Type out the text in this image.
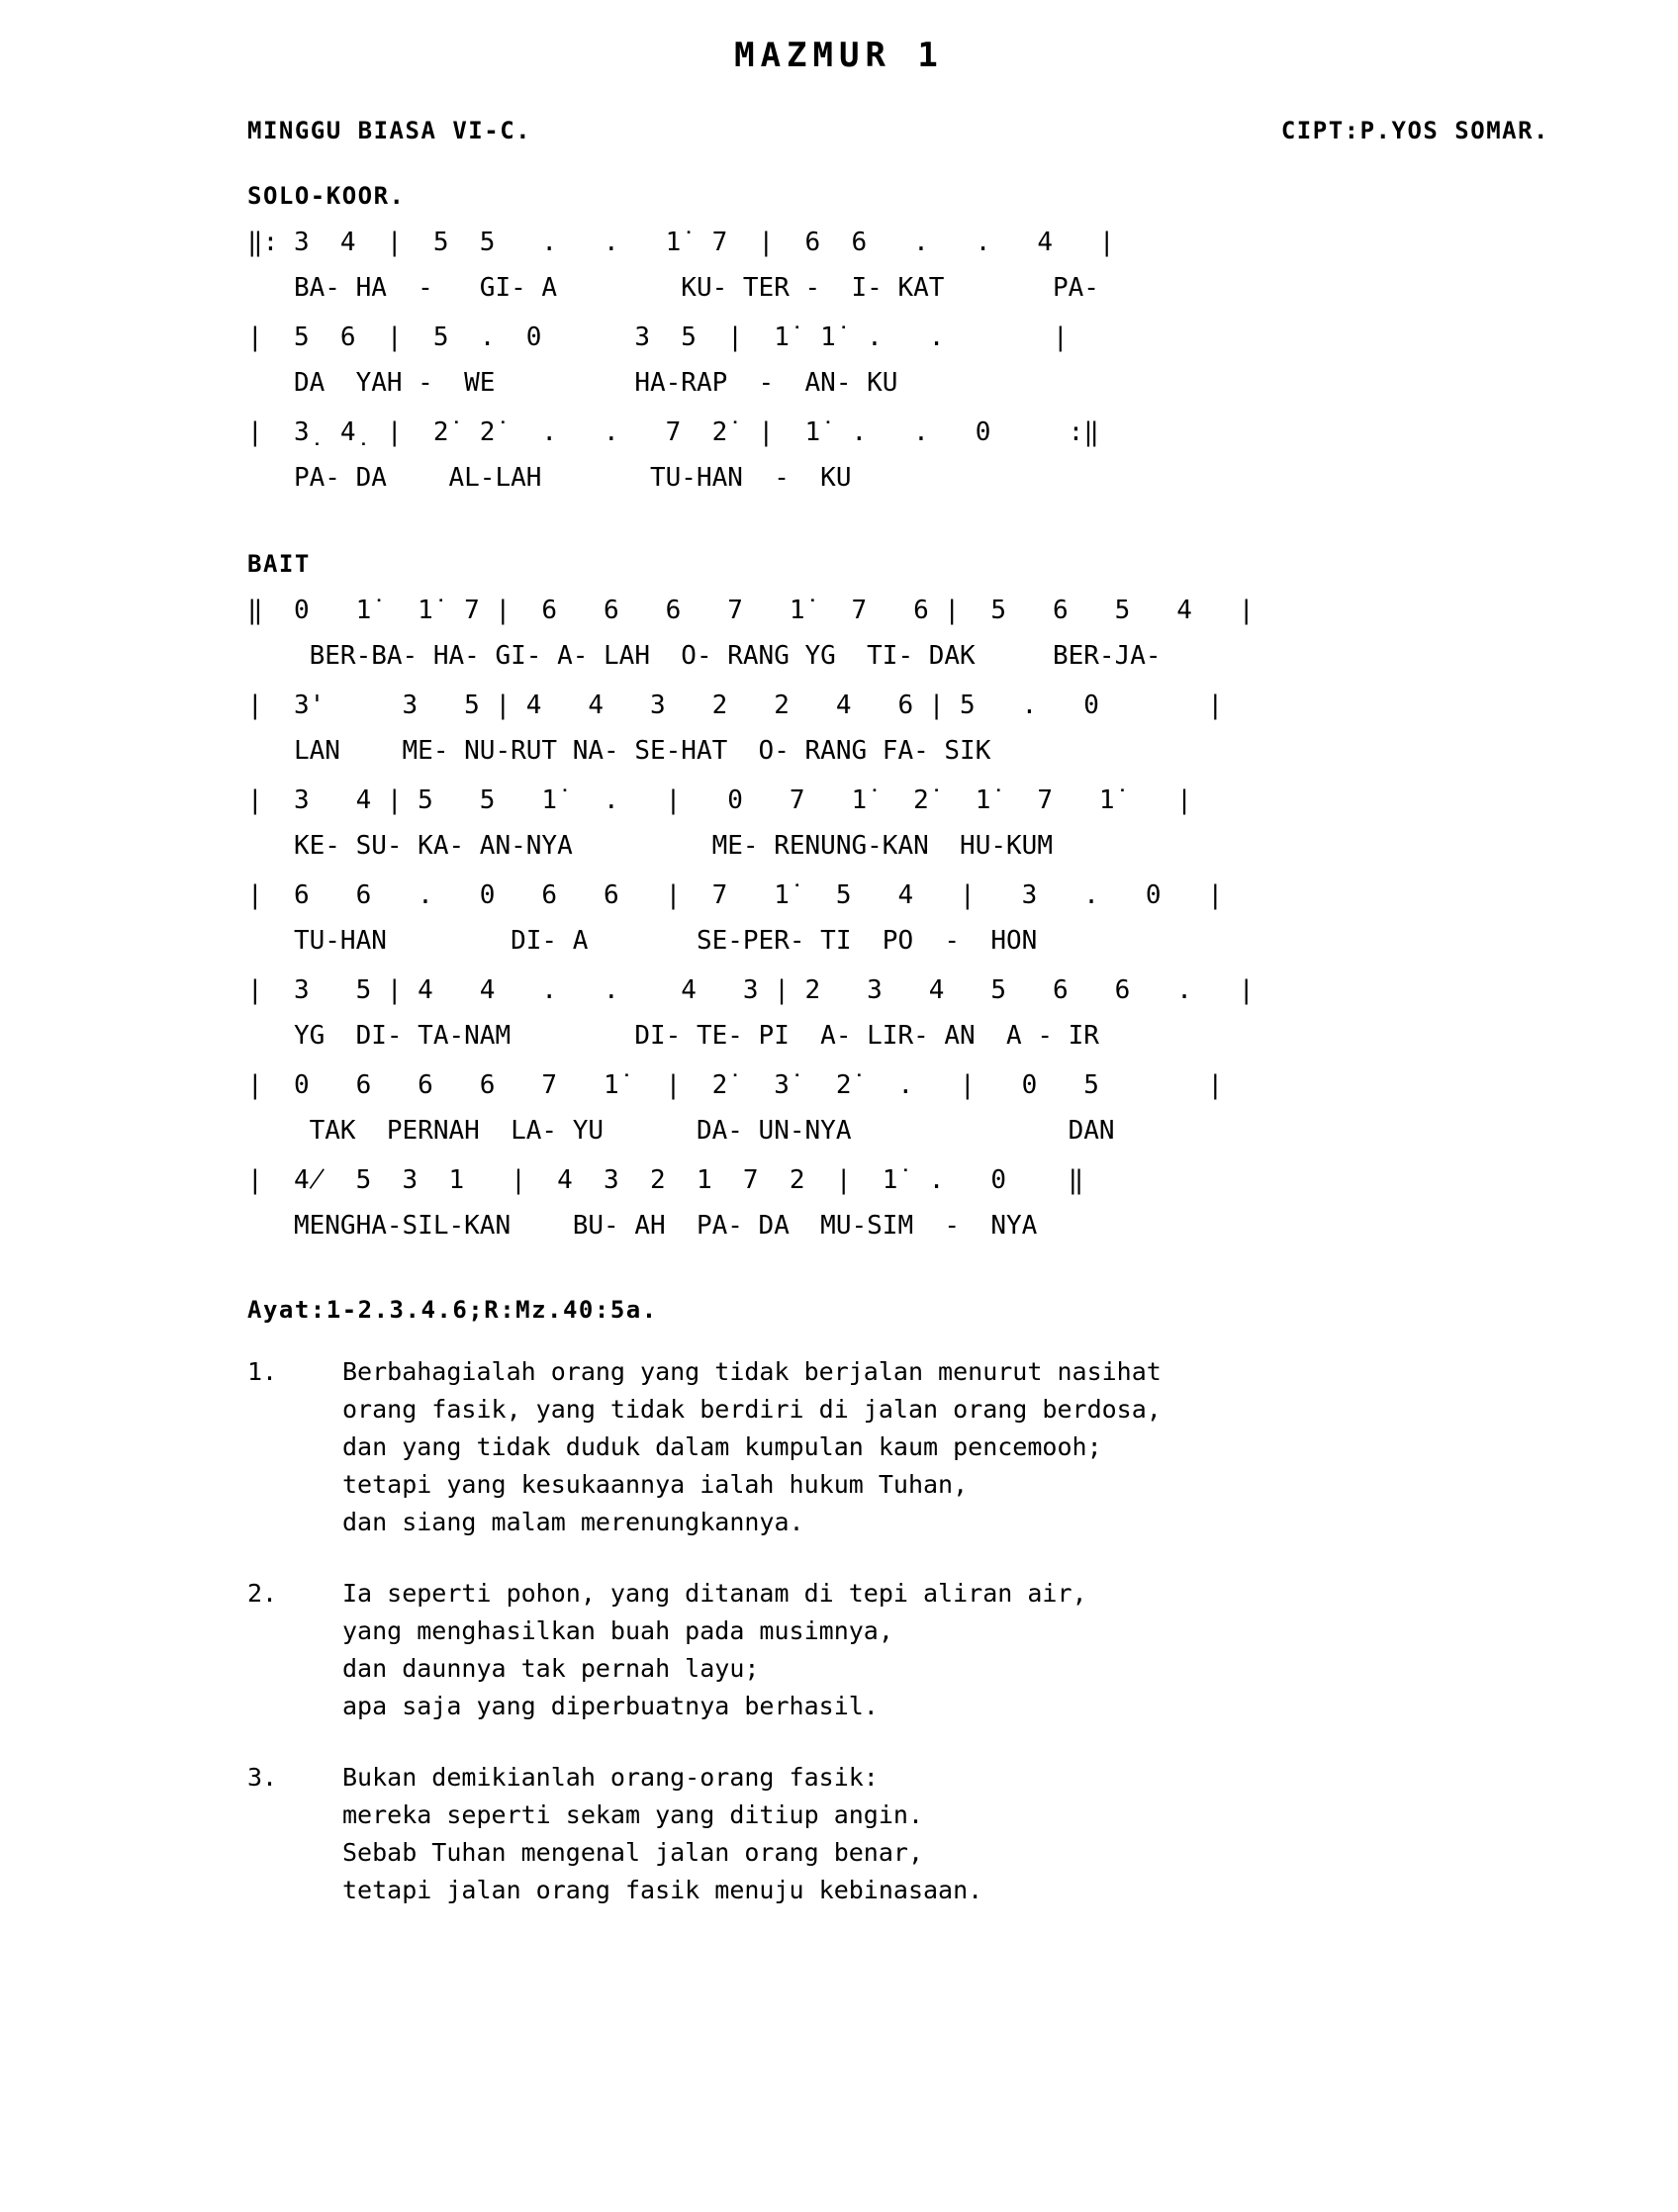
MAZMUR 1
MINGGU BIASA VI-C.	CIPT:P.YOS SOMAR.
SOLO-KOOR.
‖: 3  4  |  5  5   .   .   1̇  7  |  6  6   .   .   4   |
BA- HA  -   GI- A        KU- TER -  I- KAT       PA-
|  5  6  |  5  .  0      3  5  |  1̇  1̇  .   .       |
DA  YAH -  WE         HA-RAP  -  AN- KU
|  3̣  4̣  |  2̇  2̇   .   .   7  2̇  |  1̇  .   .   0     :‖
PA- DA    AL-LAH       TU-HAN  -  KU
BAIT
‖  0   1̇   1̇  7 |  6   6   6   7   1̇   7   6 |  5   6   5   4   |
BER-BA- HA- GI- A- LAH  O- RANG YG  TI- DAK     BER-JA-
|  3'     3   5 | 4   4   3   2   2   4   6 | 5   .   0       |
LAN    ME- NU-RUT NA- SE-HAT  O- RANG FA- SIK
|  3   4 | 5   5   1̇   .   |   0   7   1̇   2̇   1̇   7   1̇    |
KE- SU- KA- AN-NYA         ME- RENUNG-KAN  HU-KUM
|  6   6   .   0   6   6   |  7   1̇   5   4   |   3   .   0   |
TU-HAN        DI- A       SE-PER- TI  PO  -  HON
|  3   5 | 4   4   .   .    4   3 | 2   3   4   5   6   6   .   |
YG  DI- TA-NAM        DI- TE- PI  A- LIR- AN  A - IR
|  0   6   6   6   7   1̇   |  2̇   3̇   2̇   .   |   0   5       |
TAK  PERNAH  LA- YU      DA- UN-NYA              DAN
|  4̸  5  3  1   |  4  3  2  1  7  2  |  1̇  .   0    ‖
MENGHA-SIL-KAN    BU- AH  PA- DA  MU-SIM  -  NYA
Ayat:1-2.3.4.6;R:Mz.40:5a.
1.	Berbahagialah orang yang tidak berjalan menurut nasihat
orang fasik, yang tidak berdiri di jalan orang berdosa,
dan yang tidak duduk dalam kumpulan kaum pencemooh;
tetapi yang kesukaannya ialah hukum Tuhan,
dan siang malam merenungkannya.
2.	Ia seperti pohon, yang ditanam di tepi aliran air,
yang menghasilkan buah pada musimnya,
dan daunnya tak pernah layu;
apa saja yang diperbuatnya berhasil.
3.	Bukan demikianlah orang-orang fasik:
mereka seperti sekam yang ditiup angin.
Sebab Tuhan mengenal jalan orang benar,
tetapi jalan orang fasik menuju kebinasaan.
